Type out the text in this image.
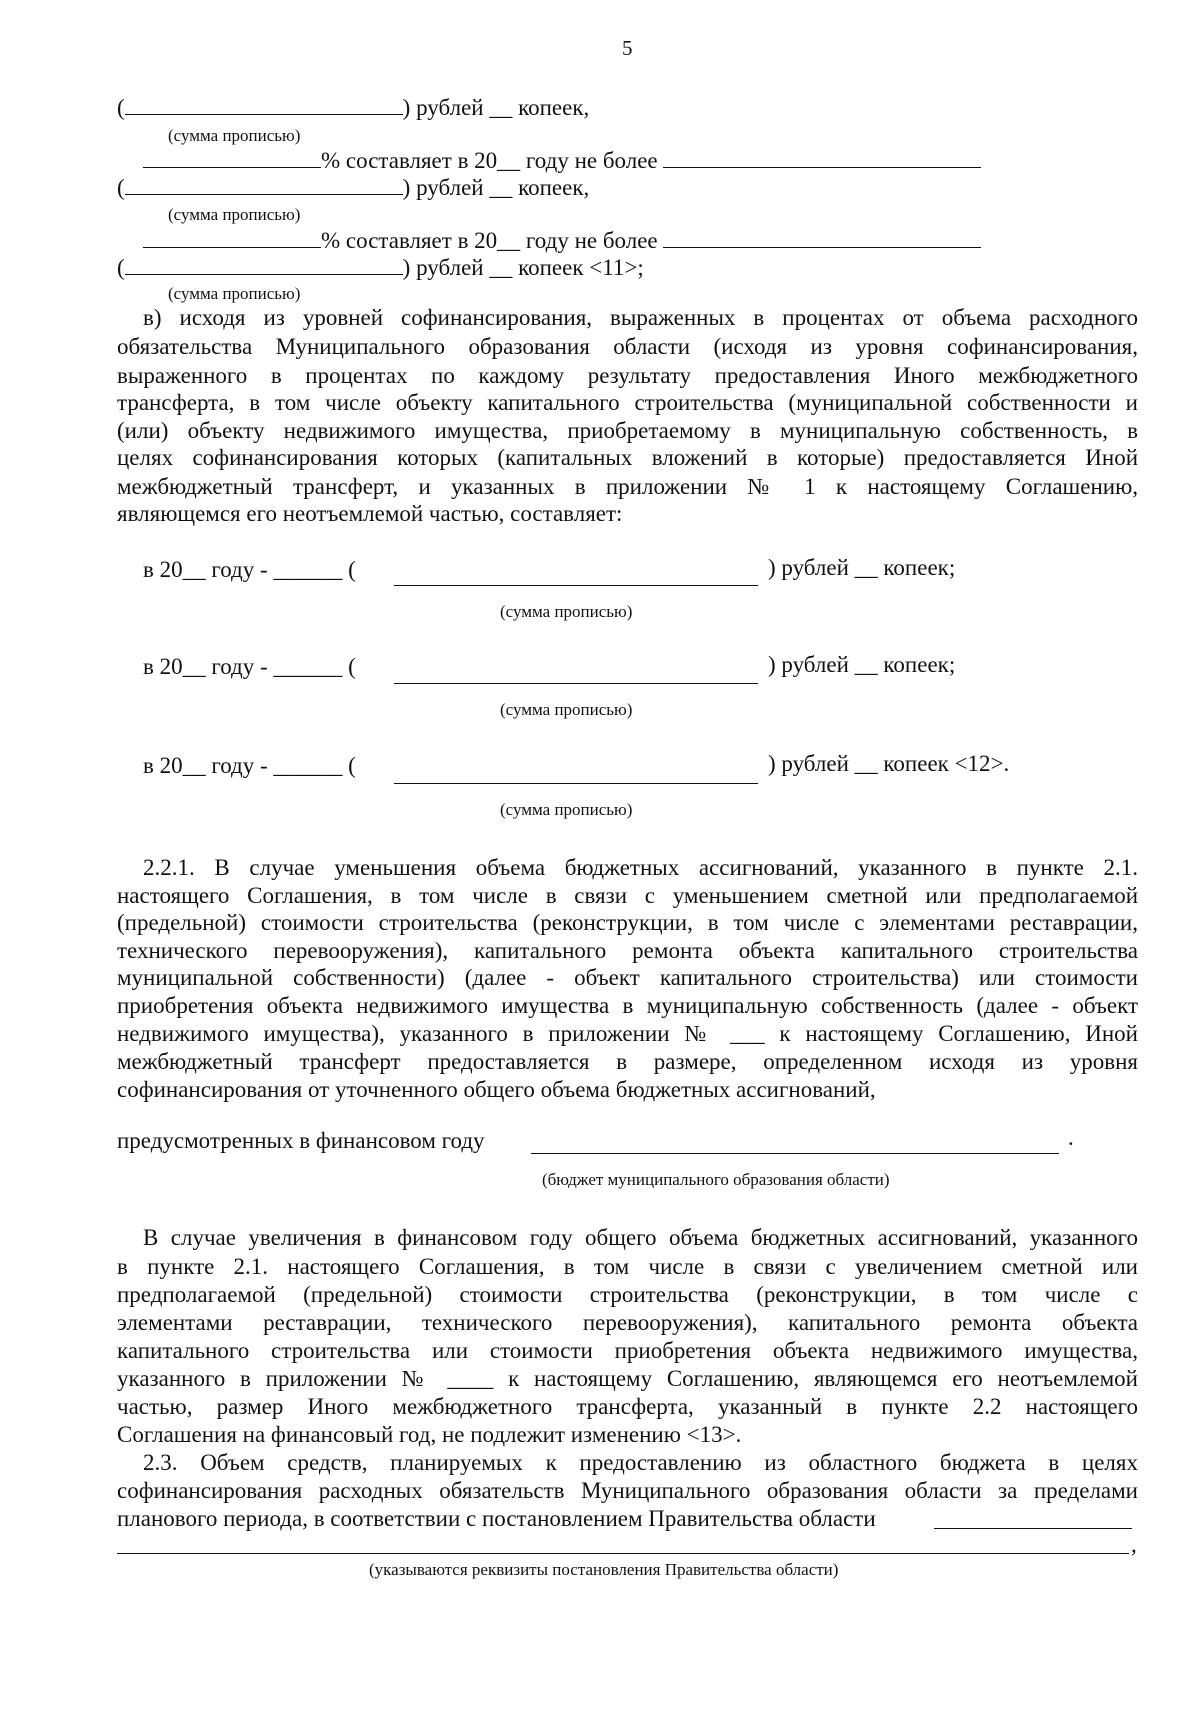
5
(	) рублей __ копеек,
(сумма прописью)
% составляет в 20__ году не более
(	) рублей __ копеек,
(сумма прописью)
% составляет в 20__ году не более
(	) рублей __ копеек <11>;
(сумма прописью)
в) исходя из уровней софинансирования, выраженных в процентах от объема расходного
обязательства Муниципального образования области (исходя из уровня софинансирования,
выраженного в процентах по каждому результату предоставления Иного межбюджетного
трансферта, в том числе объекту капитального строительства (муниципальной собственности и
(или) объекту недвижимого имущества, приобретаемому в муниципальную собственность, в
целях софинансирования которых (капитальных вложений в которые) предоставляется Иной
межбюджетный трансферт, и указанных в приложении № 1 к настоящему Соглашению,
являющемся его неотъемлемой частью, составляет:
в 20__ году - ______ (	) рублей __ копеек;
(сумма прописью)
в 20__ году - ______ (	) рублей __ копеек;
(сумма прописью)
в 20__ году - ______ (	) рублей __ копеек <12>.
(сумма прописью)
2.2.1. В случае уменьшения объема бюджетных ассигнований, указанного в пункте 2.1.
настоящего Соглашения, в том числе в связи с уменьшением сметной или предполагаемой
(предельной) стоимости строительства (реконструкции, в том числе с элементами реставрации,
технического перевооружения), капитального ремонта объекта капитального строительства
муниципальной собственности) (далее - объект капитального строительства) или стоимости
приобретения объекта недвижимого имущества в муниципальную собственность (далее - объект
недвижимого имущества), указанного в приложении № ___ к настоящему Соглашению, Иной
межбюджетный трансферт предоставляется в размере, определенном исходя из уровня
софинансирования от уточненного общего объема бюджетных ассигнований,
предусмотренных в финансовом году	.
(бюджет муниципального образования области)
В случае увеличения в финансовом году общего объема бюджетных ассигнований, указанного
в пункте 2.1. настоящего Соглашения, в том числе в связи с увеличением сметной или
предполагаемой (предельной) стоимости строительства (реконструкции, в том числе с
элементами реставрации, технического перевооружения), капитального ремонта объекта
капитального строительства или стоимости приобретения объекта недвижимого имущества,
указанного в приложении № ____ к настоящему Соглашению, являющемся его неотъемлемой
частью, размер Иного межбюджетного трансферта, указанный в пункте 2.2 настоящего
Соглашения на финансовый год, не подлежит изменению <13>.
2.3. Объем средств, планируемых к предоставлению из областного бюджета в целях
софинансирования расходных обязательств Муниципального образования области за пределами
планового периода, в соответствии с постановлением Правительства области
,
(указываются реквизиты постановления Правительства области)
